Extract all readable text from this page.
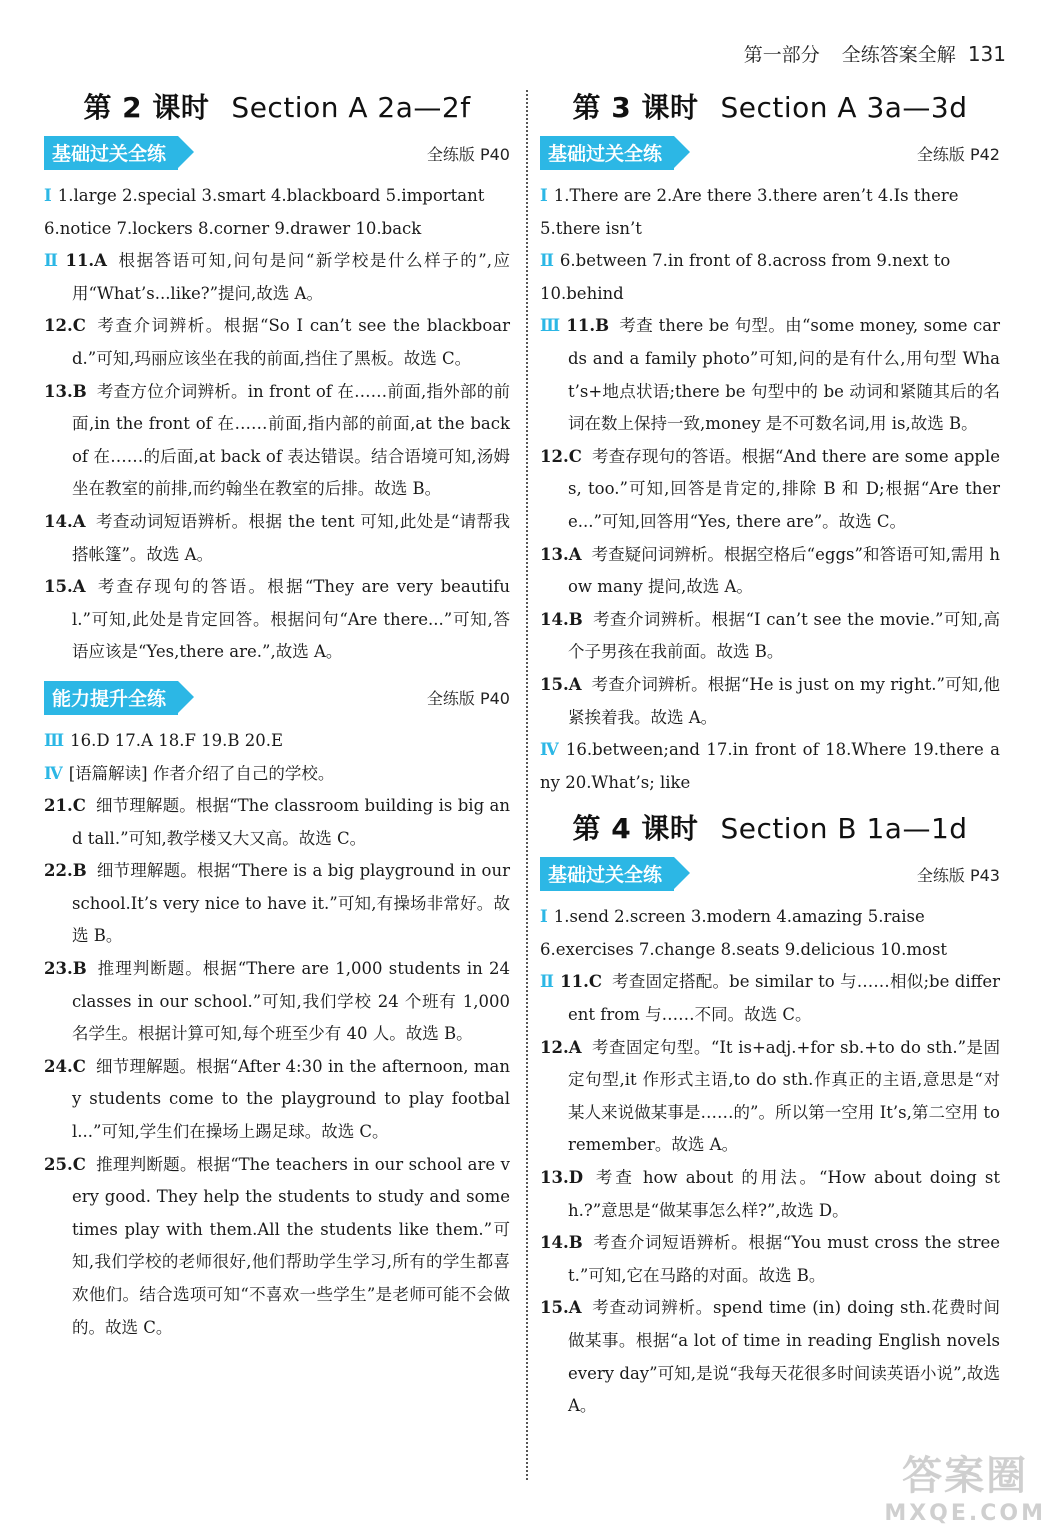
第一部分 全练答案全解 131
第 2 课时 Section A 2a—2f
基础过关全练	全练版 P40

Ⅰ 1.large 2.special 3.smart 4.blackboard 5.important

6.notice 7.lockers 8.corner 9.drawer 10.back

Ⅱ 11.A 根据答语可知,问句是问“新学校是什么样子的”,应用“What’s...like?”提问,故选 A。

12.C 考查介词辨析。根据“So I can’t see the blackboard.”可知,玛丽应该坐在我的前面,挡住了黑板。故选 C。

13.B 考查方位介词辨析。in front of 在……前面,指外部的前面,in the front of 在……前面,指内部的前面,at the back of 在……的后面,at back of 表达错误。结合语境可知,汤姆坐在教室的前排,而约翰坐在教室的后排。故选 B。

14.A 考查动词短语辨析。根据 the tent 可知,此处是“请帮我搭帐篷”。故选 A。

15.A 考查存现句的答语。根据“They are very beautiful.”可知,此处是肯定回答。根据问句“Are there...”可知,答语应该是“Yes,there are.”,故选 A。

能力提升全练	全练版 P40

Ⅲ 16.D 17.A 18.F 19.B 20.E

Ⅳ [语篇解读] 作者介绍了自己的学校。

21.C 细节理解题。根据“The classroom building is big and tall.”可知,教学楼又大又高。故选 C。

22.B 细节理解题。根据“There is a big playground in our school.It’s very nice to have it.”可知,有操场非常好。故选 B。

23.B 推理判断题。根据“There are 1,000 students in 24 classes in our school.”可知,我们学校 24 个班有 1,000名学生。根据计算可知,每个班至少有 40 人。故选 B。

24.C 细节理解题。根据“After 4:30 in the afternoon, many students come to the playground to play football...”可知,学生们在操场上踢足球。故选 C。

25.C 推理判断题。根据“The teachers in our school are very good. They help the students to study and sometimes play with them.All the students like them.”可知,我们学校的老师很好,他们帮助学生学习,所有的学生都喜欢他们。结合选项可知“不喜欢一些学生”是老师可能不会做的。故选 C。

第 3 课时 Section A 3a—3d
基础过关全练	全练版 P42

Ⅰ 1.There are 2.Are there 3.there aren’t 4.Is there

5.there isn’t

Ⅱ 6.between 7.in front of 8.across from 9.next to

10.behind

Ⅲ 11.B 考查 there be 句型。由“some money, some cards and a family photo”可知,问的是有什么,用句型 What’s+地点状语;there be 句型中的 be 动词和紧随其后的名词在数上保持一致,money 是不可数名词,用 is,故选 B。

12.C 考查存现句的答语。根据“And there are some apples, too.”可知,回答是肯定的,排除 B 和 D;根据“Are there...”可知,回答用“Yes, there are”。故选 C。

13.A 考查疑问词辨析。根据空格后“eggs”和答语可知,需用 how many 提问,故选 A。

14.B 考查介词辨析。根据“I can’t see the movie.”可知,高个子男孩在我前面。故选 B。

15.A 考查介词辨析。根据“He is just on my right.”可知,他紧挨着我。故选 A。

Ⅳ 16.between;and 17.in front of 18.Where 19.there any 20.What’s; like

第 4 课时 Section B 1a—1d
基础过关全练	全练版 P43

Ⅰ 1.send 2.screen 3.modern 4.amazing 5.raise

6.exercises 7.change 8.seats 9.delicious 10.most

Ⅱ 11.C 考查固定搭配。be similar to 与……相似;be different from 与……不同。故选 C。

12.A 考查固定句型。“It is+adj.+for sb.+to do sth.”是固定句型,it 作形式主语,to do sth.作真正的主语,意思是“对某人来说做某事是……的”。所以第一空用 It’s,第二空用 to remember。故选 A。

13.D 考查 how about 的用法。“How about doing sth.?”意思是“做某事怎么样?”,故选 D。

14.B 考查介词短语辨析。根据“You must cross the street.”可知,它在马路的对面。故选 B。

15.A 考查动词辨析。spend time (in) doing sth.花费时间做某事。根据“a lot of time in reading English novels every day”可知,是说“我每天花很多时间读英语小说”,故选 A。

答案圈
MXQE.COM
